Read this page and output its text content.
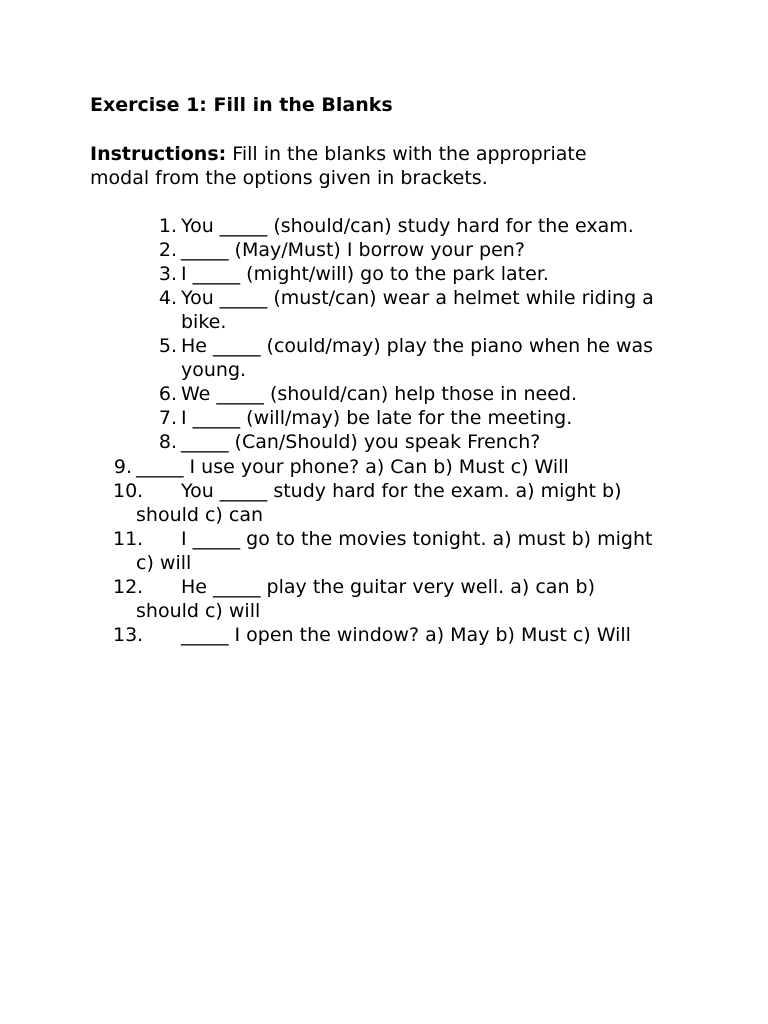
Exercise 1: Fill in the Blanks

Instructions: Fill in the blanks with the appropriate modal from the options given in brackets.

1. You _____ (should/can) study hard for the exam.
2. _____ (May/Must) I borrow your pen?
3. I _____ (might/will) go to the park later.
4. You _____ (must/can) wear a helmet while riding a bike.
5. He _____ (could/may) play the piano when he was young.
6. We _____ (should/can) help those in need.
7. I _____ (will/may) be late for the meeting.
8. _____ (Can/Should) you speak French?
9. _____ I use your phone? a) Can b) Must c) Will
10. You _____ study hard for the exam. a) might b) should c) can
11. I _____ go to the movies tonight. a) must b) might c) will
12. He _____ play the guitar very well. a) can b) should c) will
13. _____ I open the window? a) May b) Must c) Will
